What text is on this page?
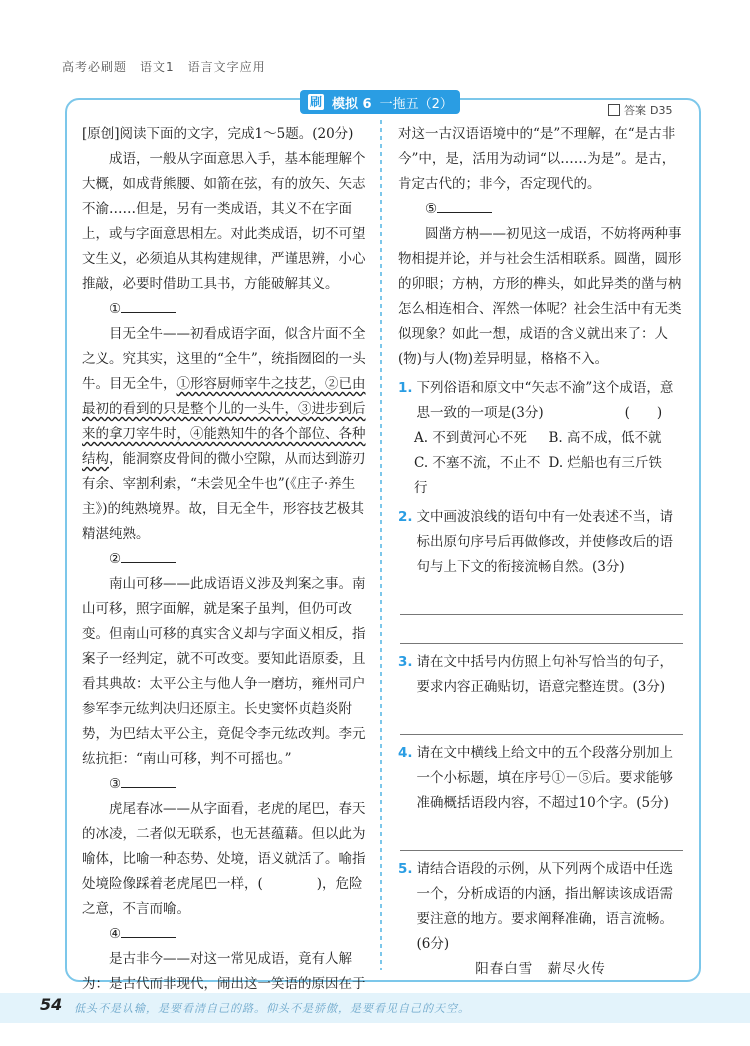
高考必刷题　语文1　语言文字应用
刷 模拟 6 一拖五（2）	答案 D35

[原创]阅读下面的文字，完成1～5题。(20分)

成语，一般从字面意思入手，基本能理解个大概，如成背熊腰、如箭在弦，有的放矢、矢志不渝……但是，另有一类成语，其义不在字面上，或与字面意思相左。对此类成语，切不可望文生义，必须追从其构建规律，严谨思辨，小心推敲，必要时借助工具书，方能破解其义。

①

目无全牛——初看成语字面，似含片面不全之义。究其实，这里的“全牛”，统指囫囵的一头牛。目无全牛，①形容厨师宰牛之技艺，②已由最初的看到的只是整个儿的一头牛，③进步到后来的拿刀宰牛时，④能熟知牛的各个部位、各种结构，能洞察皮骨间的微小空隙，从而达到游刃有余、宰割利索，“未尝见全牛也”(《庄子·养生主》)的纯熟境界。故，目无全牛，形容技艺极其精湛纯熟。

②

南山可移——此成语语义涉及判案之事。南山可移，照字面解，就是案子虽判，但仍可改变。但南山可移的真实含义却与字面义相反，指案子一经判定，就不可改变。要知此语原委，且看其典故：太平公主与他人争一磨坊，雍州司户参军李元纮判决归还原主。长史窦怀贞趋炎附势，为巴结太平公主，竟促令李元纮改判。李元纮抗拒：“南山可移，判不可摇也。”

③

虎尾春冰——从字面看，老虎的尾巴，春天的冰凌，二者似无联系，也无甚蕴藉。但以此为喻体，比喻一种态势、处境，语义就活了。喻指处境险像踩着老虎尾巴一样，(　　　　)，危险之意，不言而喻。

④

是古非今——对这一常见成语，竟有人解为：是古代而非现代，闹出这一笑语的原因在于

对这一古汉语语境中的“是”不理解，在“是古非今”中，是，活用为动词“以……为是”。是古，肯定古代的；非今，否定现代的。

⑤

圆凿方枘——初见这一成语，不妨将两种事物相提并论，并与社会生活相联系。圆凿，圆形的卯眼；方枘，方形的榫头，如此异类的凿与枘怎么相连相合、浑然一体呢？社会生活中有无类似现象？如此一想，成语的含义就出来了：人(物)与人(物)差异明显，格格不入。

1. 下列俗语和原文中“矢志不渝”这个成语，意思一致的一项是(3分)　　　　　　(　　)
A. 不到黄河心不死	B. 高不成，低不就
C. 不塞不流，不止不行
D. 烂船也有三斤铁
2. 文中画波浪线的语句中有一处表述不当，请标出原句序号后再做修改，并使修改后的语句与上下文的衔接流畅自然。(3分)
3. 请在文中括号内仿照上句补写恰当的句子，要求内容正确贴切，语意完整连贯。(3分)
4. 请在文中横线上给文中的五个段落分别加上一个小标题，填在序号①－⑤后。要求能够准确概括语段内容，不超过10个字。(5分)
5. 请结合语段的示例，从下列两个成语中任选一个，分析成语的内涵，指出解读该成语需要注意的地方。要求阐释准确，语言流畅。(6分)
阳春白雪　薪尽火传
54 低头不是认输，是要看清自己的路。仰头不是骄傲，是要看见自己的天空。
